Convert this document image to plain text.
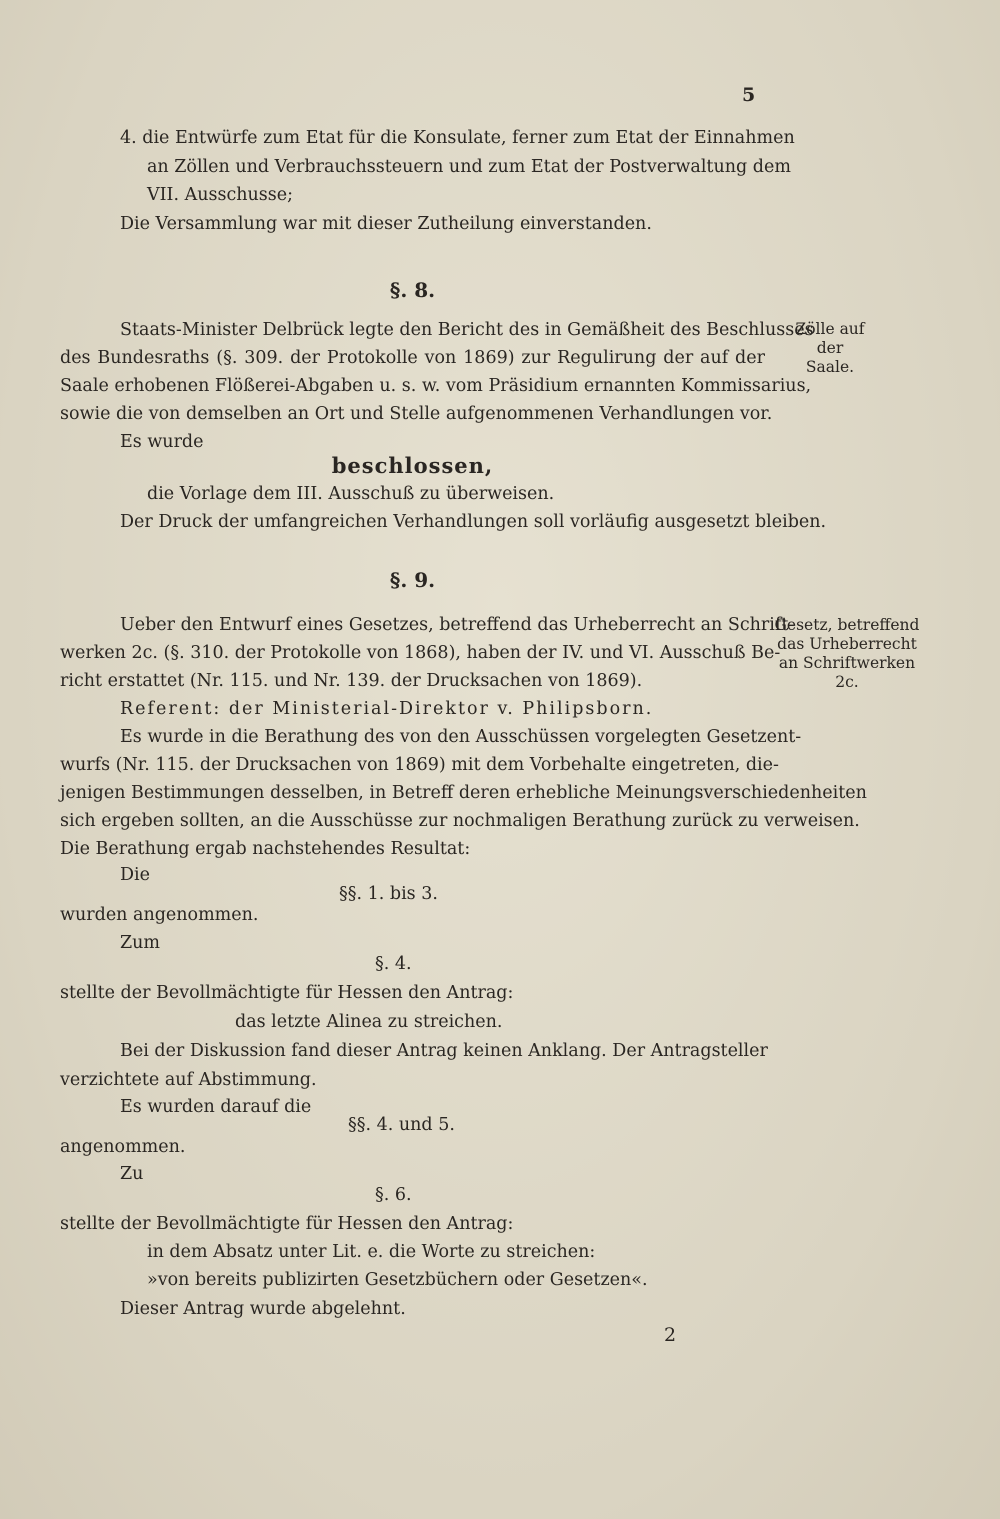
5
4. die Entwürfe zum Etat für die Konsulate, ferner zum Etat der Einnahmen
an Zöllen und Verbrauchssteuern und zum Etat der Postverwaltung dem
VII. Ausschusse;
Die Versammlung war mit dieser Zutheilung einverstanden.
§. 8.
Staats-Minister Delbrück legte den Bericht des in Gemäßheit des Beschlusses
des Bundesraths (§. 309. der Protokolle von 1869) zur Regulirung der auf der
Saale erhobenen Flößerei-Abgaben u. s. w. vom Präsidium ernannten Kommissarius,
sowie die von demselben an Ort und Stelle aufgenommenen Verhandlungen vor.
Es wurde
beschlossen,
die Vorlage dem III. Ausschuß zu überweisen.
Der Druck der umfangreichen Verhandlungen soll vorläufig ausgesetzt bleiben.
§. 9.
Ueber den Entwurf eines Gesetzes, betreffend das Urheberrecht an Schrift-
werken 2c. (§. 310. der Protokolle von 1868), haben der IV. und VI. Ausschuß Be-
richt erstattet (Nr. 115. und Nr. 139. der Drucksachen von 1869).
Referent: der Ministerial-Direktor v. Philipsborn.
Es wurde in die Berathung des von den Ausschüssen vorgelegten Gesetzent-
wurfs (Nr. 115. der Drucksachen von 1869) mit dem Vorbehalte eingetreten, die-
jenigen Bestimmungen desselben, in Betreff deren erhebliche Meinungsverschiedenheiten
sich ergeben sollten, an die Ausschüsse zur nochmaligen Berathung zurück zu verweisen.
Die Berathung ergab nachstehendes Resultat:
Die
§§. 1. bis 3.
wurden angenommen.
Zum
§. 4.
stellte der Bevollmächtigte für Hessen den Antrag:
das letzte Alinea zu streichen.
Bei der Diskussion fand dieser Antrag keinen Anklang. Der Antragsteller
verzichtete auf Abstimmung.
Es wurden darauf die
§§. 4. und 5.
angenommen.
Zu
§. 6.
stellte der Bevollmächtigte für Hessen den Antrag:
in dem Absatz unter Lit. e. die Worte zu streichen:
»von bereits publizirten Gesetzbüchern oder Gesetzen«.
Dieser Antrag wurde abgelehnt.
Zölle auf der
Saale.
Gesetz, betreffend
das Urheberrecht
an Schriftwerken
2c.
2
